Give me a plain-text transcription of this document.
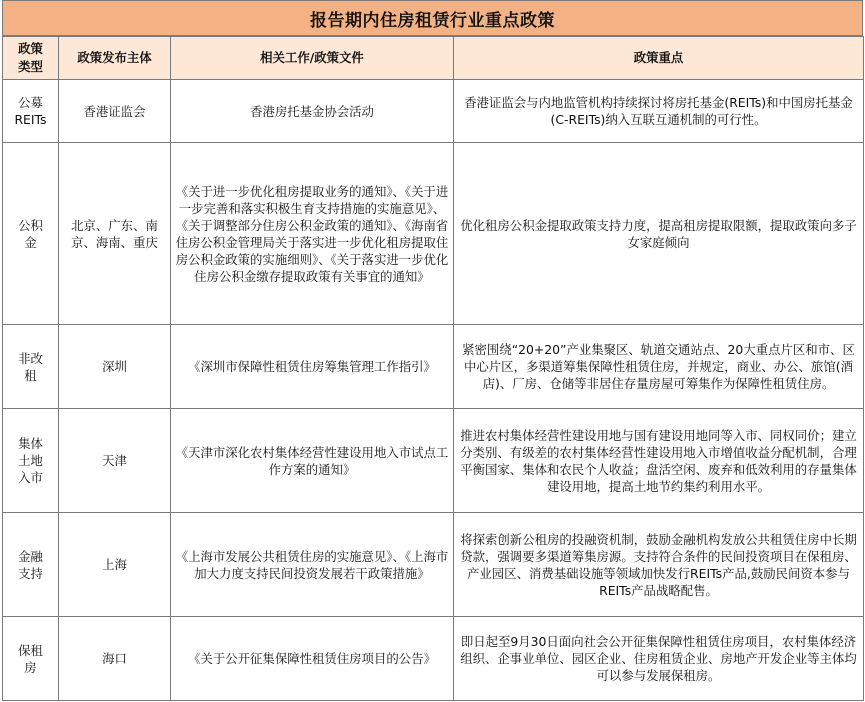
报告期内住房租赁行业重点政策
政策
类型	政策发布主体	相关工作/政策文件	政策重点
公募
REITs	香港证监会	香港房托基金协会活动	香港证监会与内地监管机构持续探讨将房托基金(REITs)和中国房托基金(C-REITs)纳入互联互通机制的可行性。
公积
金	北京、广东、南京、海南、重庆	《关于进一步优化租房提取业务的通知》、《关于进一步完善和落实积极生育支持措施的实施意见》、《关于调整部分住房公积金政策的通知》、《海南省住房公积金管理局关于落实进一步优化租房提取住房公积金政策的实施细则》、《关于落实进一步优化住房公积金缴存提取政策有关事宜的通知》	优化租房公积金提取政策支持力度，提高租房提取限额，提取政策向多子女家庭倾向
非改
租	深圳	《深圳市保障性租赁住房筹集管理工作指引》	紧密围绕“20+20”产业集聚区、轨道交通站点、20大重点片区和市、区中心片区，多渠道筹集保障性租赁住房，并规定，商业、办公、旅馆(酒店)、厂房、仓储等非居住存量房屋可筹集作为保障性租赁住房。
集体
土地
入市	天津	《天津市深化农村集体经营性建设用地入市试点工作方案的通知》	推进农村集体经营性建设用地与国有建设用地同等入市、同权同价；建立分类别、有级差的农村集体经营性建设用地入市增值收益分配机制，合理平衡国家、集体和农民个人收益；盘活空闲、废弃和低效利用的存量集体建设用地，提高土地节约集约利用水平。
金融
支持	上海	《上海市发展公共租赁住房的实施意见》、《上海市加大力度支持民间投资发展若干政策措施》	将探索创新公租房的投融资机制，鼓励金融机构发放公共租赁住房中长期贷款，强调要多渠道筹集房源。支持符合条件的民间投资项目在保租房、产业园区、消费基础设施等领域加快发行REITs产品,鼓励民间资本参与REITs产品战略配售。
保租
房	海口	《关于公开征集保障性租赁住房项目的公告》	即日起至9月30日面向社会公开征集保障性租赁住房项目，农村集体经济组织、企事业单位、园区企业、住房租赁企业、房地产开发企业等主体均可以参与发展保租房。
